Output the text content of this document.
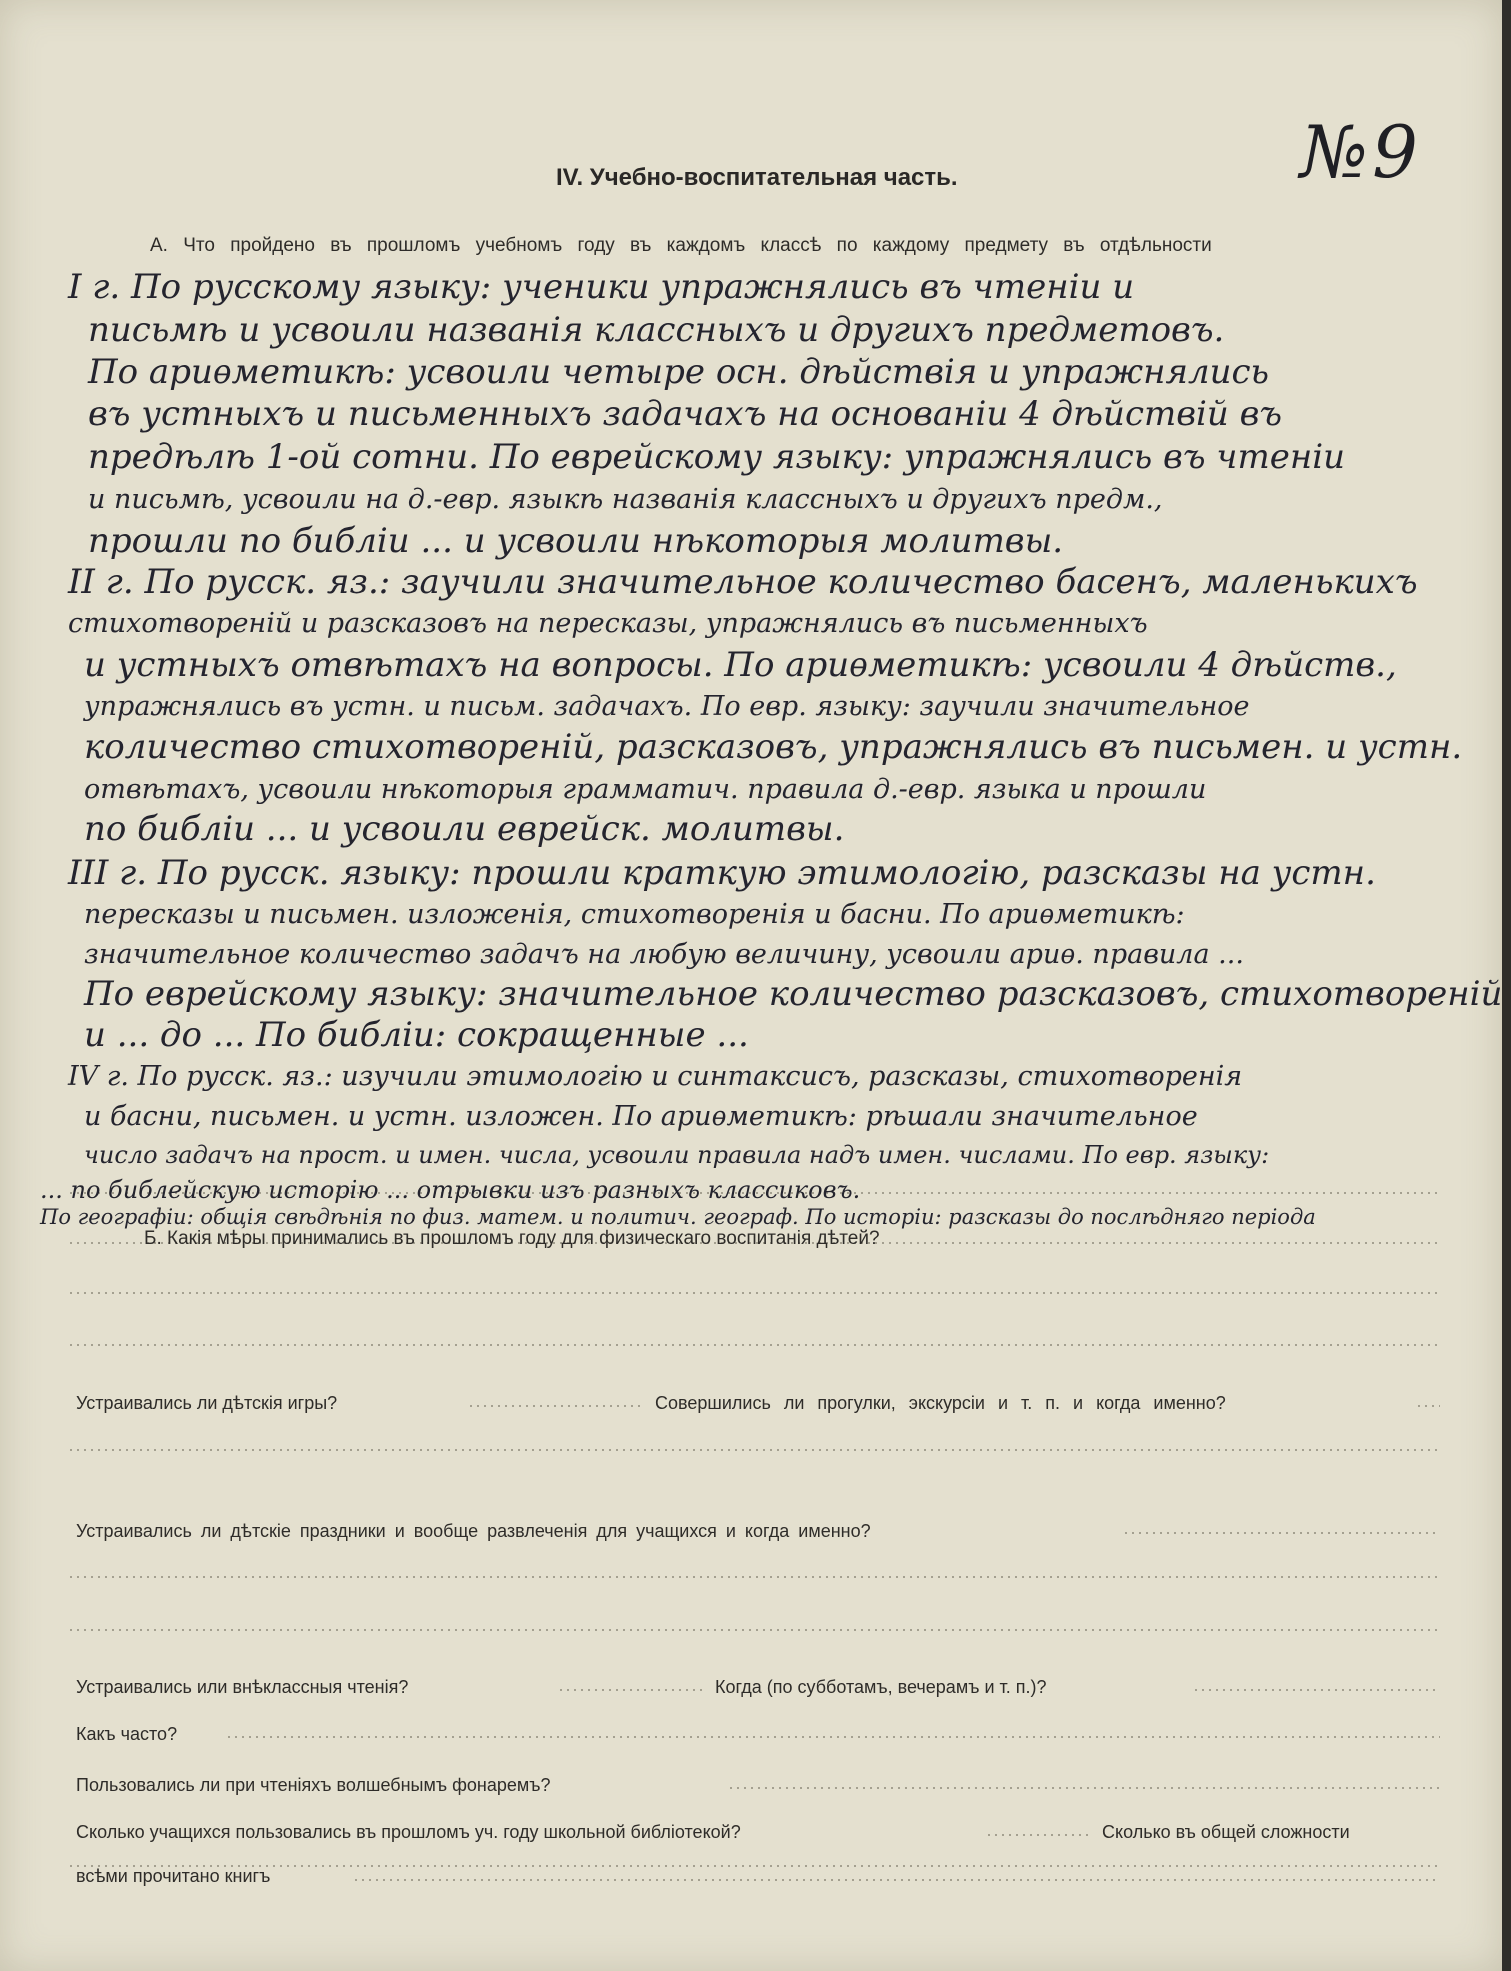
№9
IV. Учебно-воспитательная часть.
А. Что пройдено въ прошломъ учебномъ году въ каждомъ классѣ по каждому предмету въ отдѣльности
I г. По русскому языку: ученики упражнялись въ чтенiи и
письмѣ и усвоили названiя классныхъ и другихъ предметовъ.
По ариѳметикѣ: усвоили четыре осн. дѣйствiя и упражнялись
въ устныхъ и письменныхъ задачахъ на основанiи 4 дѣйствiй въ
предѣлѣ 1-ой сотни. По еврейскому языку: упражнялись въ чтенiи
и письмѣ, усвоили на д.-евр. языкѣ названiя классныхъ и другихъ предм.,
прошли по библiи ... и усвоили нѣкоторыя молитвы.
II г. По русск. яз.: заучили значительное количество басенъ, маленькихъ
стихотворенiй и разсказовъ на пересказы, упражнялись въ письменныхъ
и устныхъ отвѣтахъ на вопросы. По ариѳметикѣ: усвоили 4 дѣйств.,
упражнялись въ устн. и письм. задачахъ. По евр. языку: заучили значительное
количество стихотворенiй, разсказовъ, упражнялись въ письмен. и устн.
отвѣтахъ, усвоили нѣкоторыя грамматич. правила д.-евр. языка и прошли
по библiи ... и усвоили еврейск. молитвы.
III г. По русск. языку: прошли краткую этимологiю, разсказы на устн.
пересказы и письмен. изложенiя, стихотворенiя и басни. По ариѳметикѣ:
значительное количество задачъ на любую величину, усвоили ариѳ. правила ...
По еврейскому языку: значительное количество разсказовъ, стихотворенiй
и ... до ... По библiи: сокращенные ...
IV г. По русск. яз.: изучили этимологiю и синтаксисъ, разсказы, стихотворенiя
и басни, письмен. и устн. изложен. По ариѳметикѣ: рѣшали значительное
число задачъ на прост. и имен. числа, усвоили правила надъ имен. числами. По евр. языку:
... по библейскую исторiю ... отрывки изъ разныхъ классиковъ.
По географiи: общiя свѣдѣнiя по физ. матем. и политич. географ. По исторiи: разсказы до послѣдняго перiода
Б. Какiя мѣры принимались въ прошломъ году для физическаго воспитанiя дѣтей?
Устраивались ли дѣтскiя игры?	Совершились ли прогулки, экскурсiи и т. п. и когда именно?
Устраивались ли дѣтскiе праздники и вообще развлеченiя для учащихся и когда именно?
Устраивались или внѣклассныя чтенiя?	Когда (по субботамъ, вечерамъ и т. п.)?
Какъ часто?
Пользовались ли при чтенiяхъ волшебнымъ фонаремъ?
Сколько учащихся пользовались въ прошломъ уч. году школьной библiотекой?	Сколько въ общей сложности
всѣми прочитано книгъ
